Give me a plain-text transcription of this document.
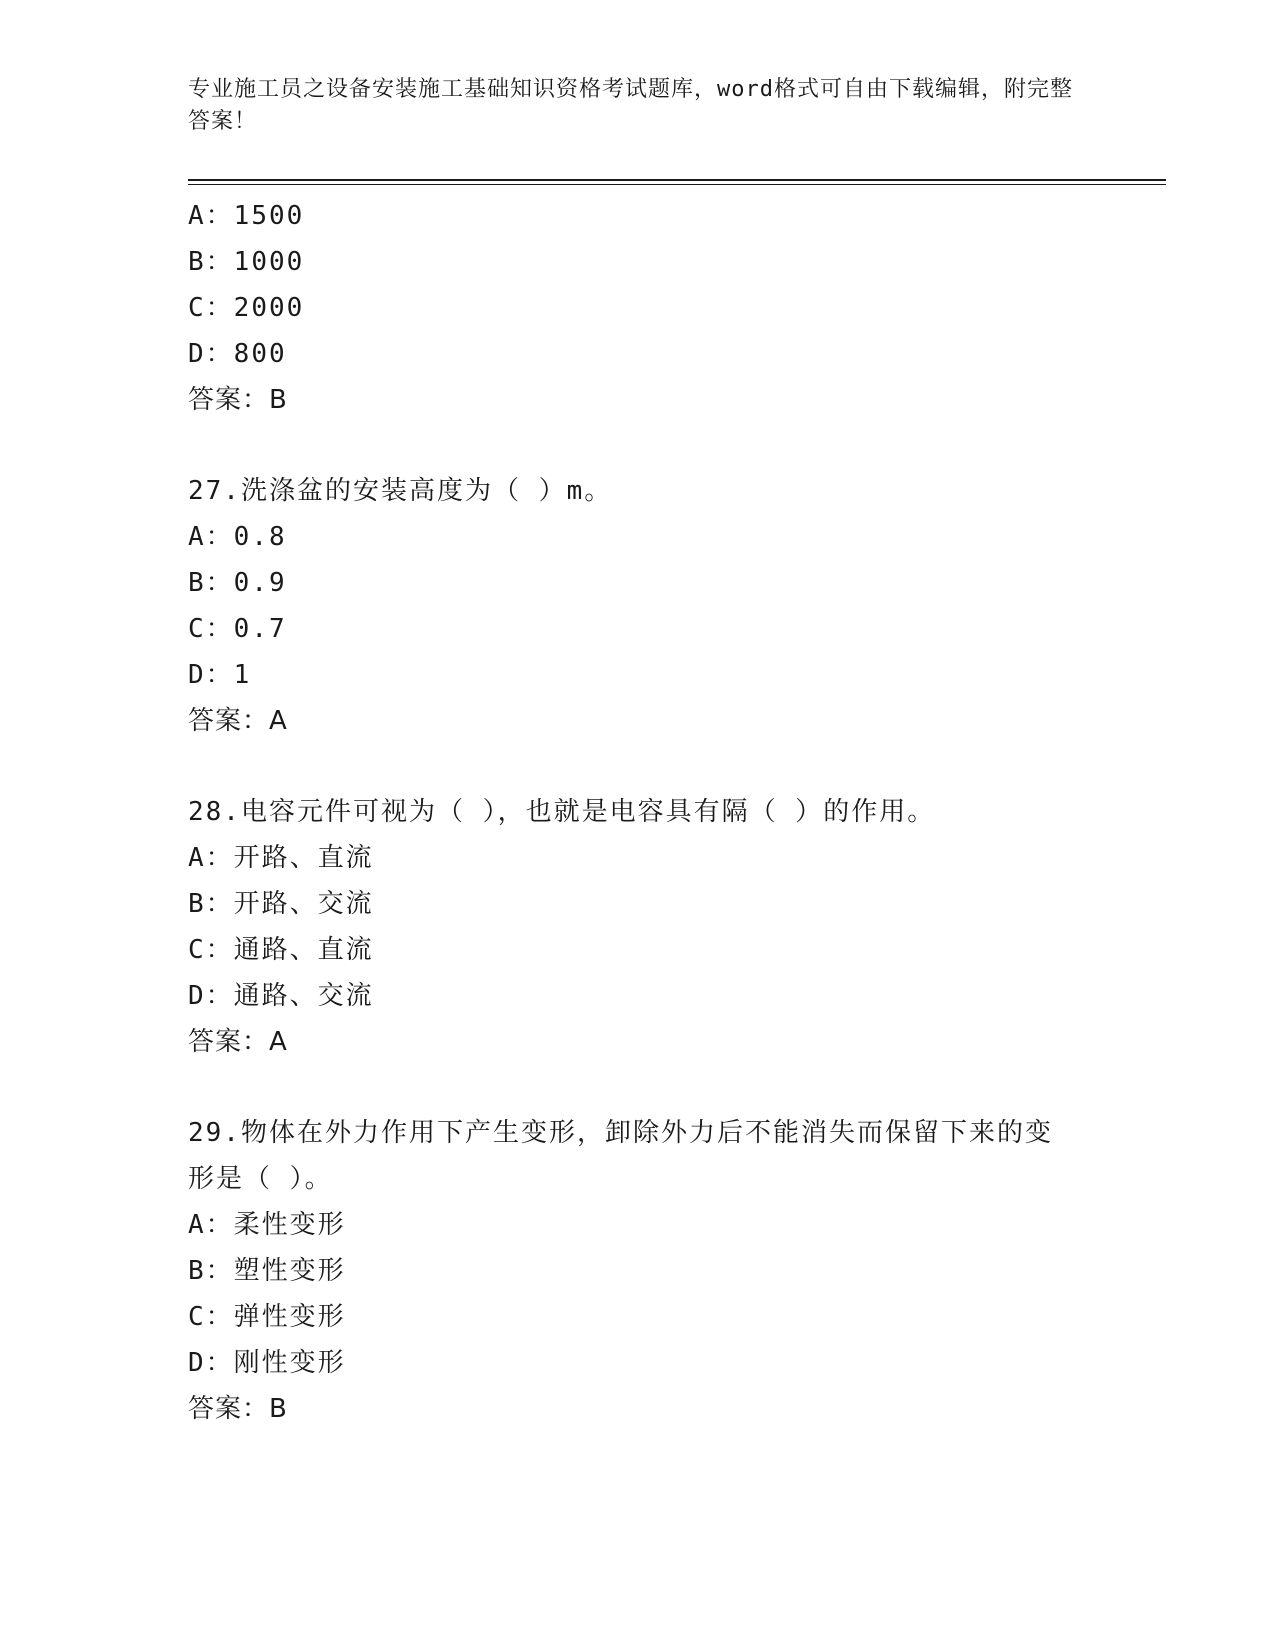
专业施工员之设备安装施工基础知识资格考试题库，word格式可自由下载编辑，附完整答案！
A：1500
B：1000
C：2000
D：800
答案：B
27.洗涤盆的安装高度为（ ）m。
A：0.8
B：0.9
C：0.7
D：1
答案：A
28.电容元件可视为（ ），也就是电容具有隔（ ）的作用。
A：开路、直流
B：开路、交流
C：通路、直流
D：通路、交流
答案：A
29.物体在外力作用下产生变形，卸除外力后不能消失而保留下来的变形是（ ）。
A：柔性变形
B：塑性变形
C：弹性变形
D：刚性变形
答案：B
